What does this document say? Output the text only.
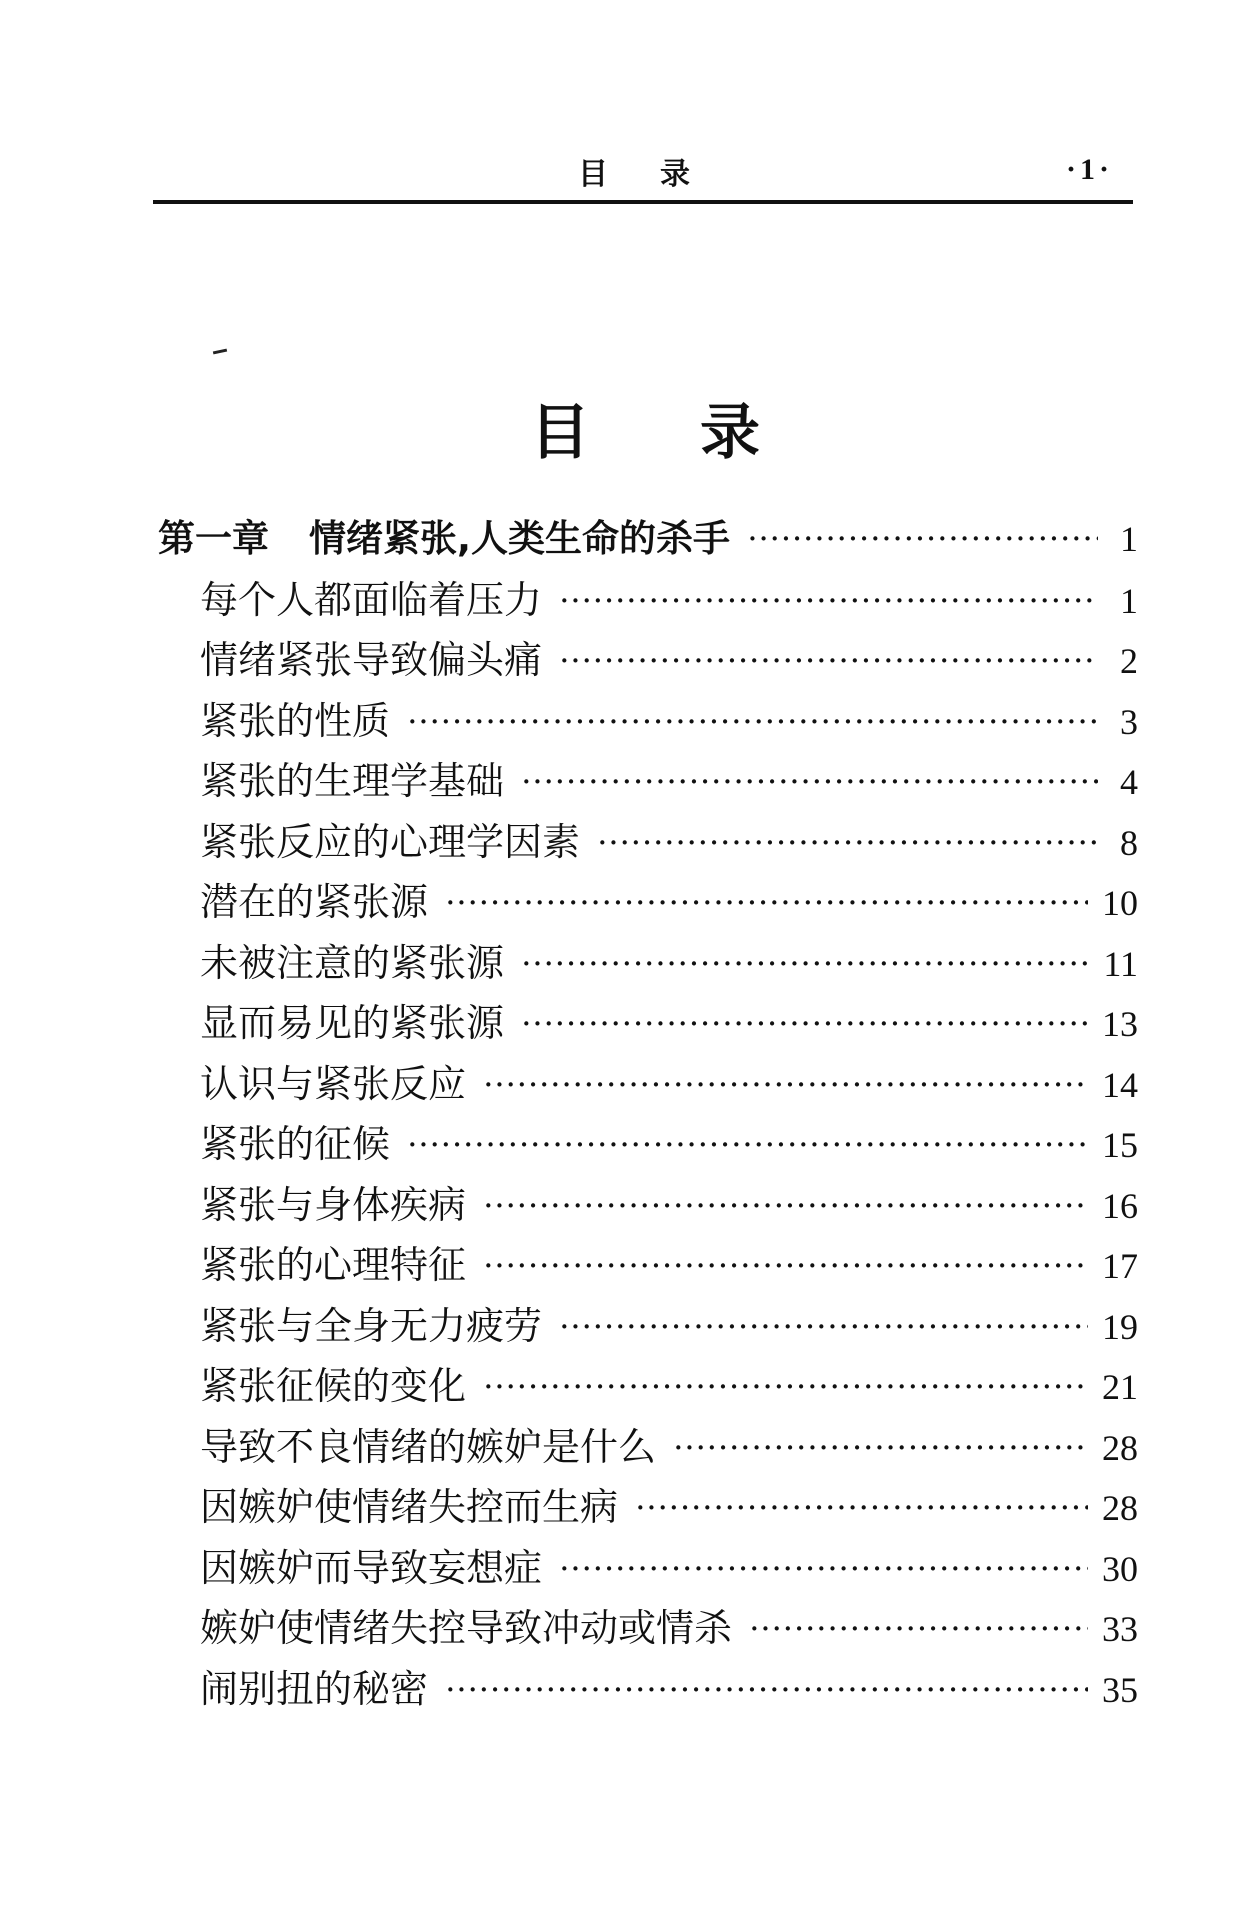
目录	·1·
目录
第一章 情绪紧张,人类生命的杀手 ·····	1
每个人都面临着压力 ·····	1
情绪紧张导致偏头痛 ·····	2
紧张的性质 ·····	3
紧张的生理学基础 ·····	4
紧张反应的心理学因素 ·····	8
潜在的紧张源 ·····	10
未被注意的紧张源 ·····	11
显而易见的紧张源 ·····	13
认识与紧张反应 ·····	14
紧张的征候 ·····	15
紧张与身体疾病 ·····	16
紧张的心理特征 ·····	17
紧张与全身无力疲劳 ·····	19
紧张征候的变化 ·····	21
导致不良情绪的嫉妒是什么 ·····	28
因嫉妒使情绪失控而生病 ·····	28
因嫉妒而导致妄想症 ·····	30
嫉妒使情绪失控导致冲动或情杀 ·····	33
闹别扭的秘密 ·····	35
